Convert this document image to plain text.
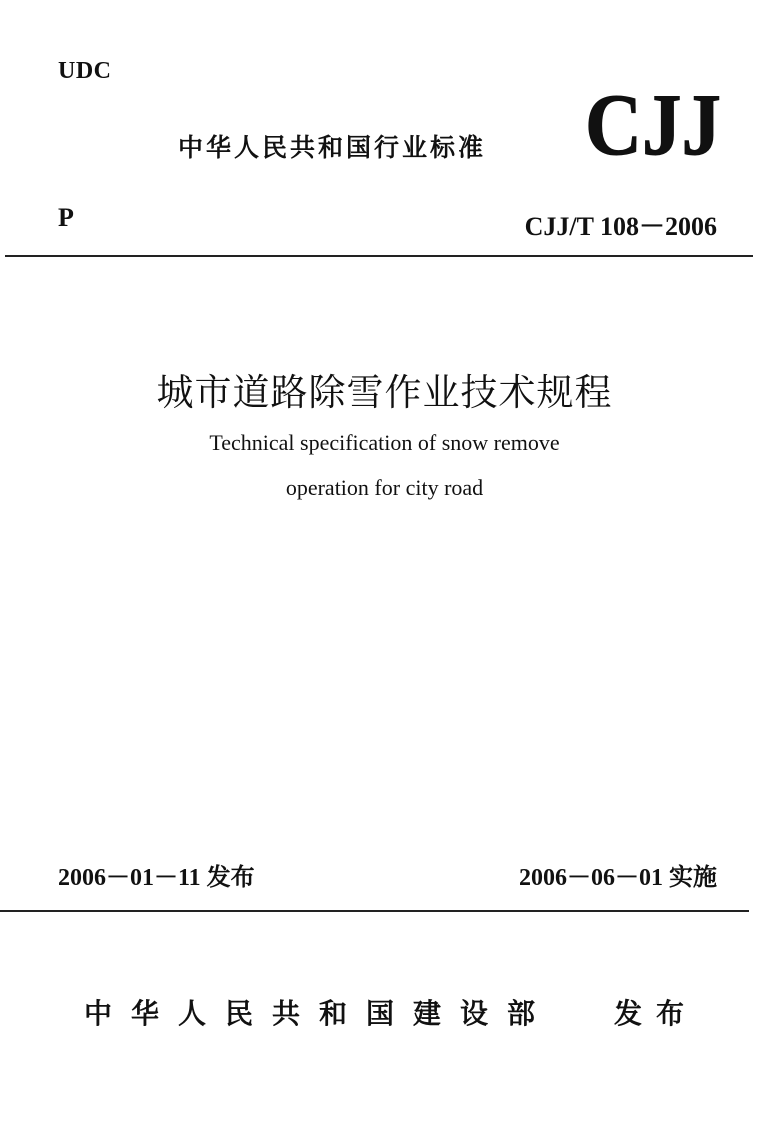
UDC
中华人民共和国行业标准 CJJ
P	CJJ/T 108－2006
城市道路除雪作业技术规程
Technical specification of snow remove
operation for city road
2006－01－11 发布	2006－06－01 实施
中华人民共和国建设部 发布
